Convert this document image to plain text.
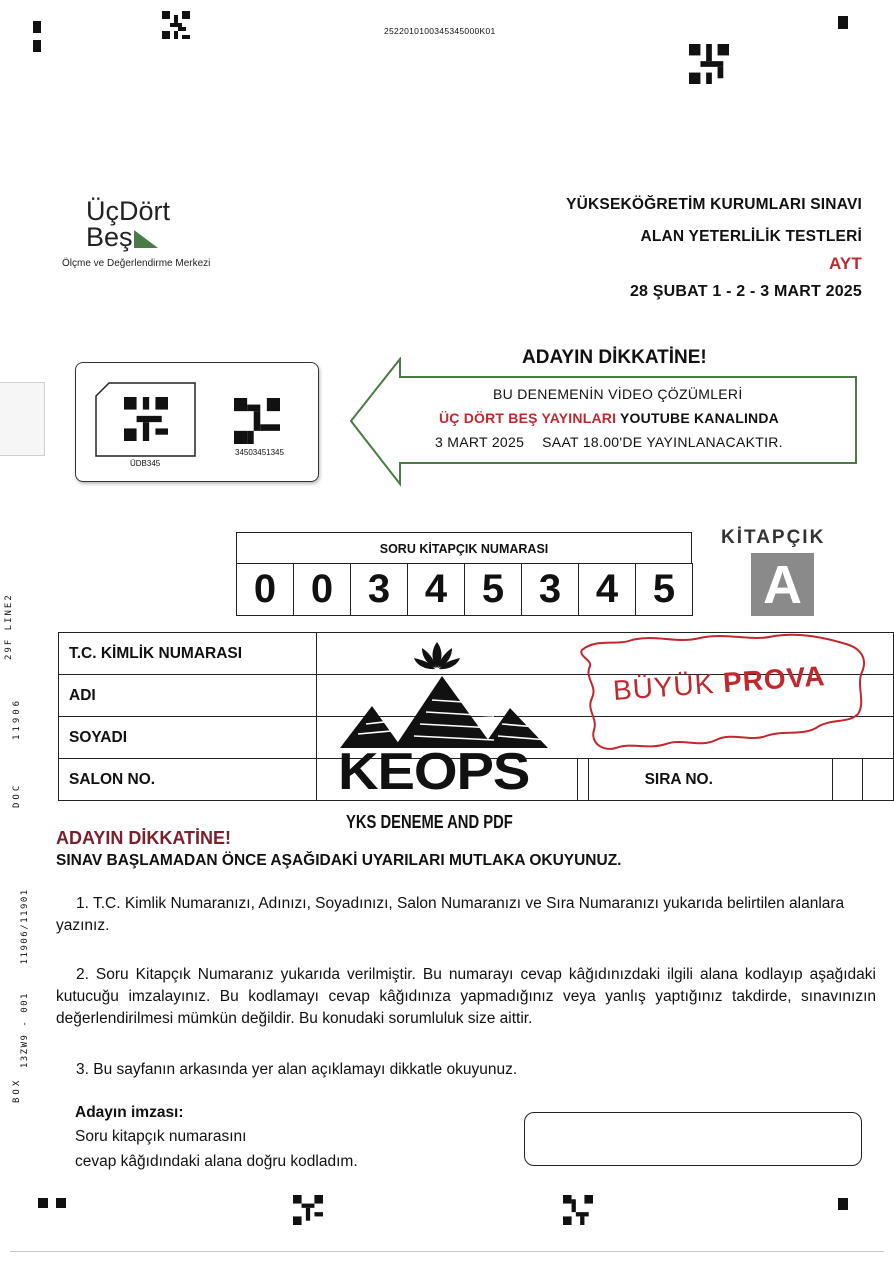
2522010100345345000K01
ÜçDört
Beş
Ölçme ve Değerlendirme Merkezi
YÜKSEKÖĞRETİM KURUMLARI SINAVI
ALAN YETERLİLİK TESTLERİ
AYT
28 ŞUBAT 1 - 2 - 3 MART 2025
ÜDB345
34503451345
ADAYIN DİKKATİNE!
BU DENEMENİN VİDEO ÇÖZÜMLERİ
ÜÇ DÖRT BEŞ YAYINLARI YOUTUBE KANALINDA
3 MART 2025 SAAT 18.00'DE YAYINLANACAKTIR.
SORU KİTAPÇIK NUMARASI
0 0 3 4 5 3 4 5
KİTAPÇIK
A
29F LINE2
11906
DOC

13ZW9 - 001    11906/11901

BOX
T.C. KİMLİK NUMARASI					
ADI					
SOYADI					
SALON NO.			SIRA NO.		
KEOPS
YKS DENEME AND PDF
BÜYÜK PROVA
ADAYIN DİKKATİNE!
SINAV BAŞLAMADAN ÖNCE AŞAĞIDAKİ UYARILARI MUTLAKA OKUYUNUZ.
1. T.C. Kimlik Numaranızı, Adınızı, Soyadınızı, Salon Numaranızı ve Sıra Numaranızı yukarıda belirtilen alanlara yazınız.
2. Soru Kitapçık Numaranız yukarıda verilmiştir. Bu numarayı cevap kâğıdınızdaki ilgili alana kodlayıp aşağıdaki kutucuğu imzalayınız. Bu kodlamayı cevap kâğıdınıza yapmadığınız veya yanlış yaptığınız takdirde, sınavınızın değerlendirilmesi mümkün değildir. Bu konudaki sorumluluk size aittir.
3. Bu sayfanın arkasında yer alan açıklamayı dikkatle okuyunuz.
Adayın imzası:
Soru kitapçık numarasını
cevap kâğıdındaki alana doğru kodladım.
